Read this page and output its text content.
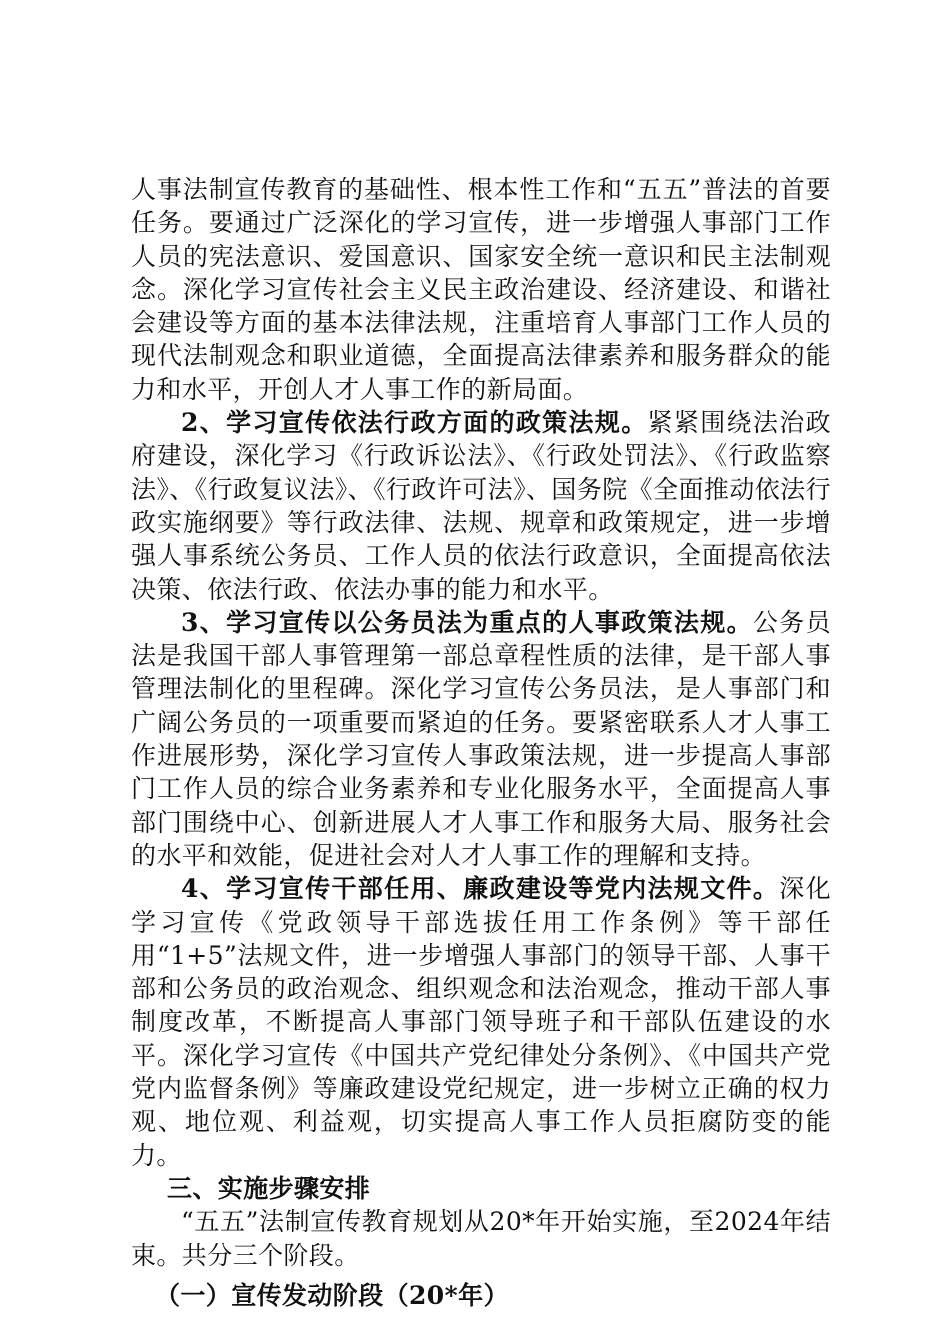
人事法制宣传教育的基础性、根本性工作和“五五”普法的首要任务。要通过广泛深化的学习宣传，进一步增强人事部门工作人员的宪法意识、爱国意识、国家安全统一意识和民主法制观念。深化学习宣传社会主义民主政治建设、经济建设、和谐社会建设等方面的基本法律法规，注重培育人事部门工作人员的现代法制观念和职业道德，全面提高法律素养和服务群众的能力和水平，开创人才人事工作的新局面。

2、学习宣传依法行政方面的政策法规。紧紧围绕法治政府建设，深化学习《行政诉讼法》、《行政处罚法》、《行政监察法》、《行政复议法》、《行政许可法》、国务院《全面推动依法行政实施纲要》等行政法律、法规、规章和政策规定，进一步增强人事系统公务员、工作人员的依法行政意识，全面提高依法决策、依法行政、依法办事的能力和水平。

3、学习宣传以公务员法为重点的人事政策法规。公务员法是我国干部人事管理第一部总章程性质的法律，是干部人事管理法制化的里程碑。深化学习宣传公务员法，是人事部门和广阔公务员的一项重要而紧迫的任务。要紧密联系人才人事工作进展形势，深化学习宣传人事政策法规，进一步提高人事部门工作人员的综合业务素养和专业化服务水平，全面提高人事部门围绕中心、创新进展人才人事工作和服务大局、服务社会的水平和效能，促进社会对人才人事工作的理解和支持。

4、学习宣传干部任用、廉政建设等党内法规文件。深化学习宣传《党政领导干部选拔任用工作条例》等干部任用“1+5”法规文件，进一步增强人事部门的领导干部、人事干部和公务员的政治观念、组织观念和法治观念，推动干部人事制度改革，不断提高人事部门领导班子和干部队伍建设的水平。深化学习宣传《中国共产党纪律处分条例》、《中国共产党党内监督条例》等廉政建设党纪规定，进一步树立正确的权力观、地位观、利益观，切实提高人事工作人员拒腐防变的能力。

三、实施步骤安排

“五五”法制宣传教育规划从20*年开始实施，至2024年结束。共分三个阶段。

（一）宣传发动阶段（20*年）
